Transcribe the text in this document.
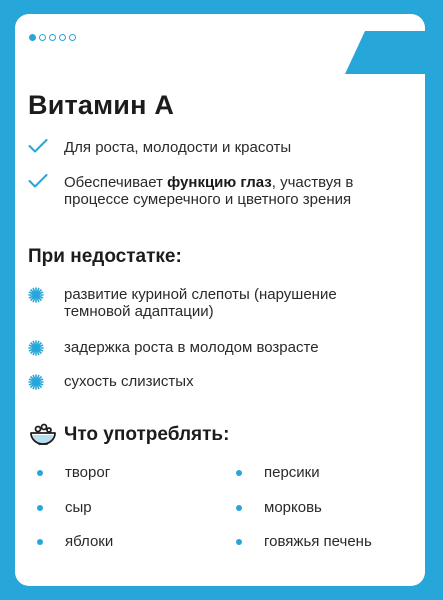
Витамин А
Для роста, молодости и красоты
Обеспечивает функцию глаз, участвуя в процессе сумеречного и цветного зрения
При недостатке:
развитие куриной слепоты (нарушение темновой адаптации)
задержка роста в молодом возрасте
сухость слизистых
Что употреблять:
творог
сыр
яблоки
персики
морковь
говяжья печень
